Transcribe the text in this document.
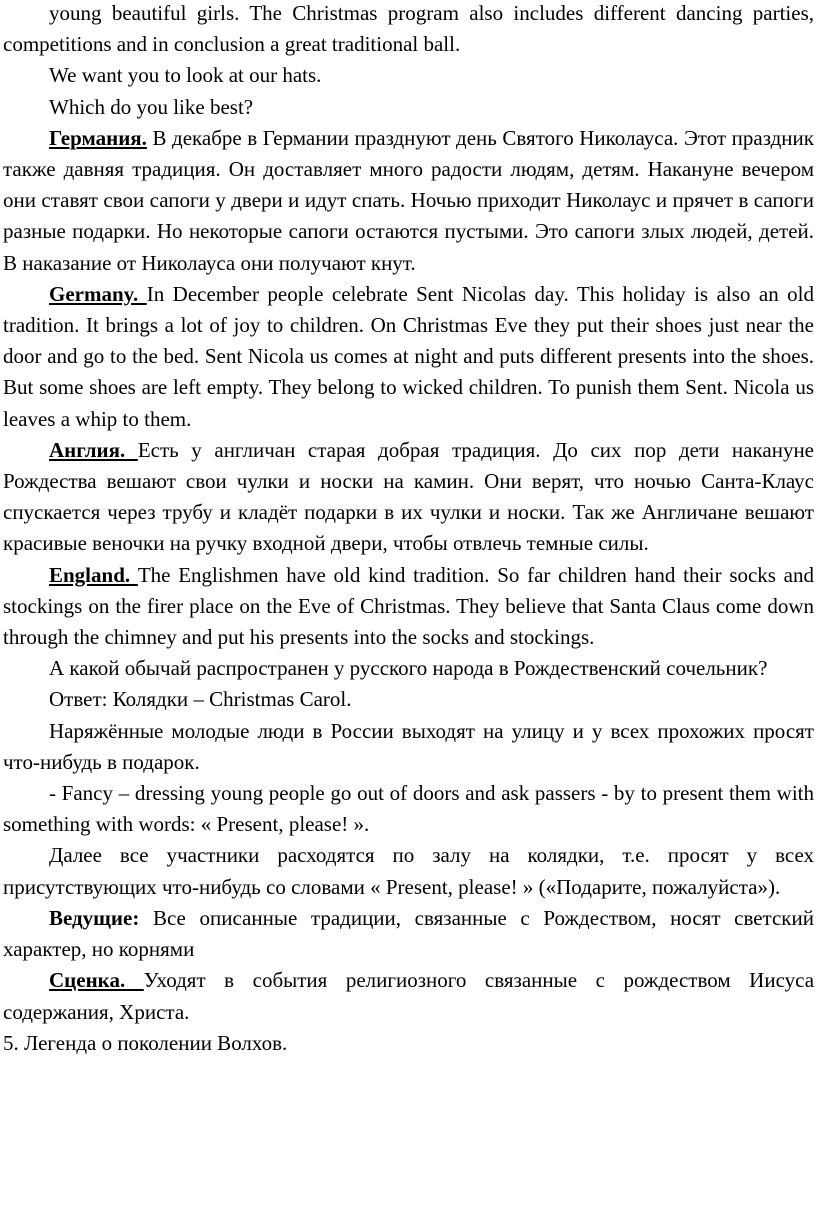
young beautiful girls. The Christmas program also includes different dancing parties, competitions and in conclusion a great traditional ball.

We want you to look at our hats.

Which do you like best?

Германия. В декабре в Германии празднуют день Святого Николауса. Этот праздник также давняя традиция. Он доставляет много радости людям, детям. Накануне вечером они ставят свои сапоги у двери и идут спать. Ночью приходит Николаус и прячет в сапоги разные подарки. Но некоторые сапоги остаются пустыми. Это сапоги злых людей, детей. В наказание от Николауса они получают кнут.

Germany. In December people celebrate Sent Nicolas day. This holiday is also an old tradition. It brings a lot of joy to children. On Christmas Eve they put their shoes just near the door and go to the bed. Sent Nicola us comes at night and puts different presents into the shoes. But some shoes are left empty. They belong to wicked children. To punish them Sent. Nicola us leaves a whip to them.

Англия. Есть у англичан старая добрая традиция. До сих пор дети накануне Рождества вешают свои чулки и носки на камин. Они верят, что ночью Санта-Клаус спускается через трубу и кладёт подарки в их чулки и носки. Так же Англичане вешают красивые веночки на ручку входной двери, чтобы отвлечь темные силы.

England. The Englishmen have old kind tradition. So far children hand their socks and stockings on the firer place on the Eve of Christmas. They believe that Santa Claus come down through the chimney and put his presents into the socks and stockings.

А какой обычай распространен у русского народа в Рождественский сочельник?

Ответ: Колядки – Christmas Carol.

Наряжённые молодые люди в России выходят на улицу и у всех прохожих просят что-нибудь в подарок.

- Fancy – dressing young people go out of doors and ask passers - by to present them with something with words: « Present, please! ».

Далее все участники расходятся по залу на колядки, т.е. просят у всех присутствующих что-нибудь со словами « Present, please! » («Подарите, пожалуйста»).

Ведущие: Все описанные традиции, связанные с Рождеством, носят светский характер, но корнями

Сценка. Уходят в события религиозного связанные с рождеством Иисуса содержания, Христа.

5. Легенда о поколении Волхов.
